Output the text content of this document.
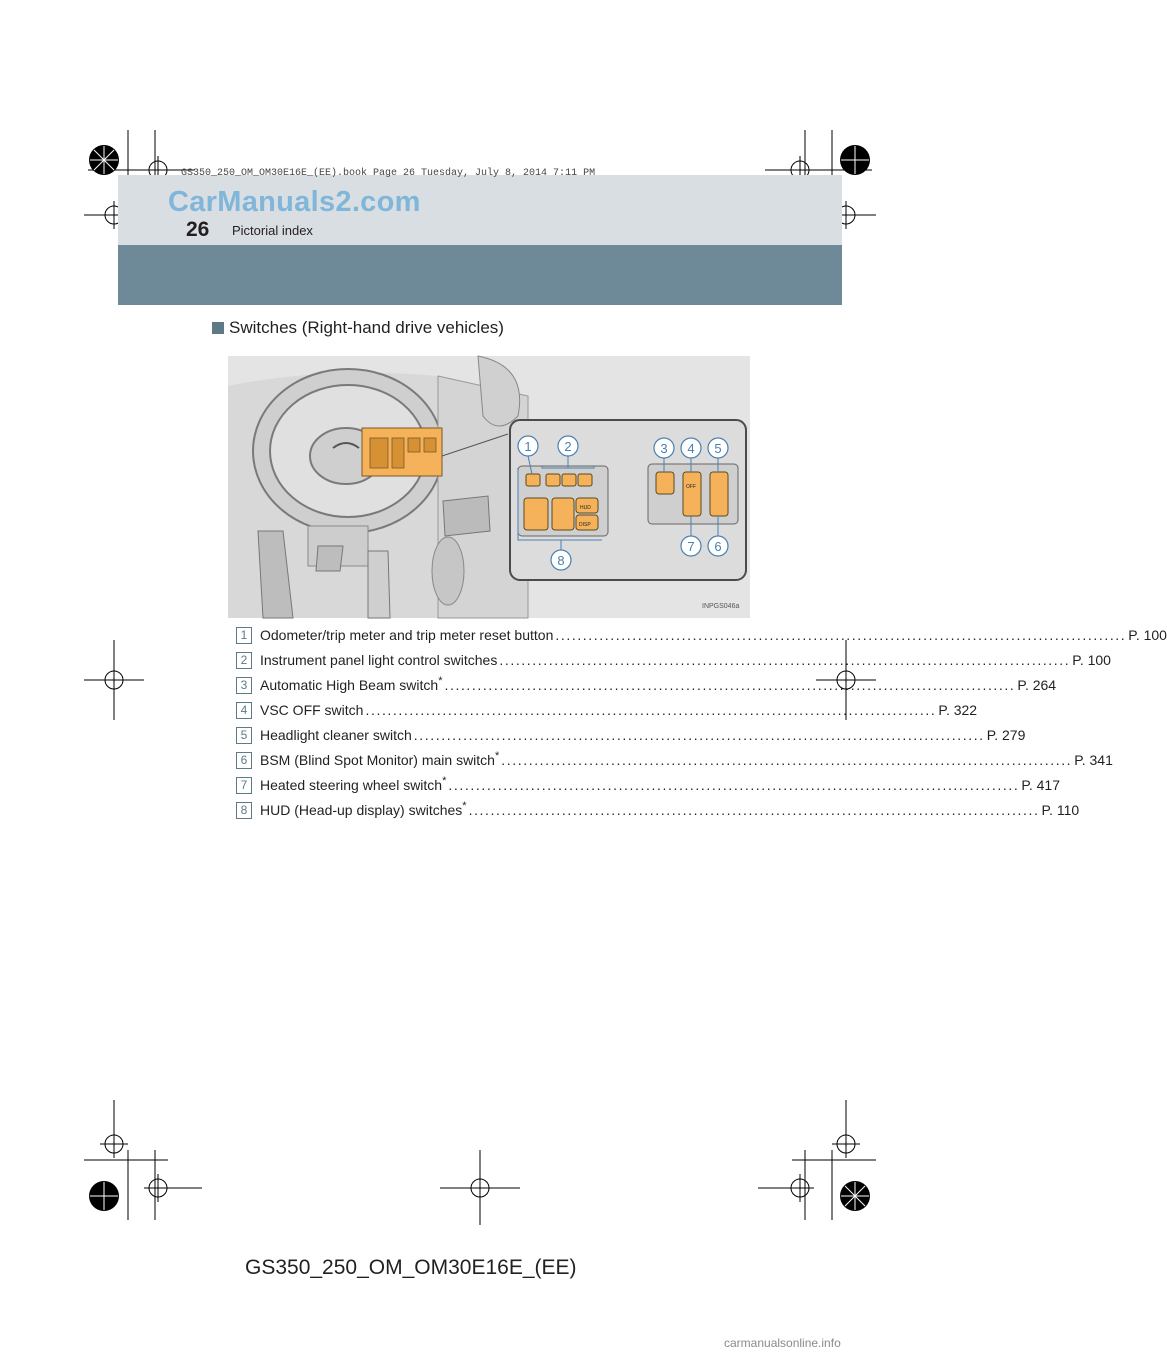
GS350_250_OM_OM30E16E_(EE).book Page 26 Tuesday, July 8, 2014 7:11 PM
CarManuals2.com
26 Pictorial index
Switches (Right-hand drive vehicles)
HUD
DISP
OFF
1	2	3 4 5
6
7
8
INPGS046a
1 Odometer/trip meter and trip meter reset button ........................................................................................................ P. 100
2 Instrument panel light control switches ........................................................................................................ P. 100
3 Automatic High Beam switch * ........................................................................................................ P. 264
4 VSC OFF switch ........................................................................................................ P. 322
5 Headlight cleaner switch ........................................................................................................ P. 279
6 BSM (Blind Spot Monitor) main switch * ........................................................................................................ P. 341
7 Heated steering wheel switch * ........................................................................................................ P. 417
8 HUD (Head-up display) switches * ........................................................................................................ P. 110
GS350_250_OM_OM30E16E_(EE)
carmanualsonline.info
